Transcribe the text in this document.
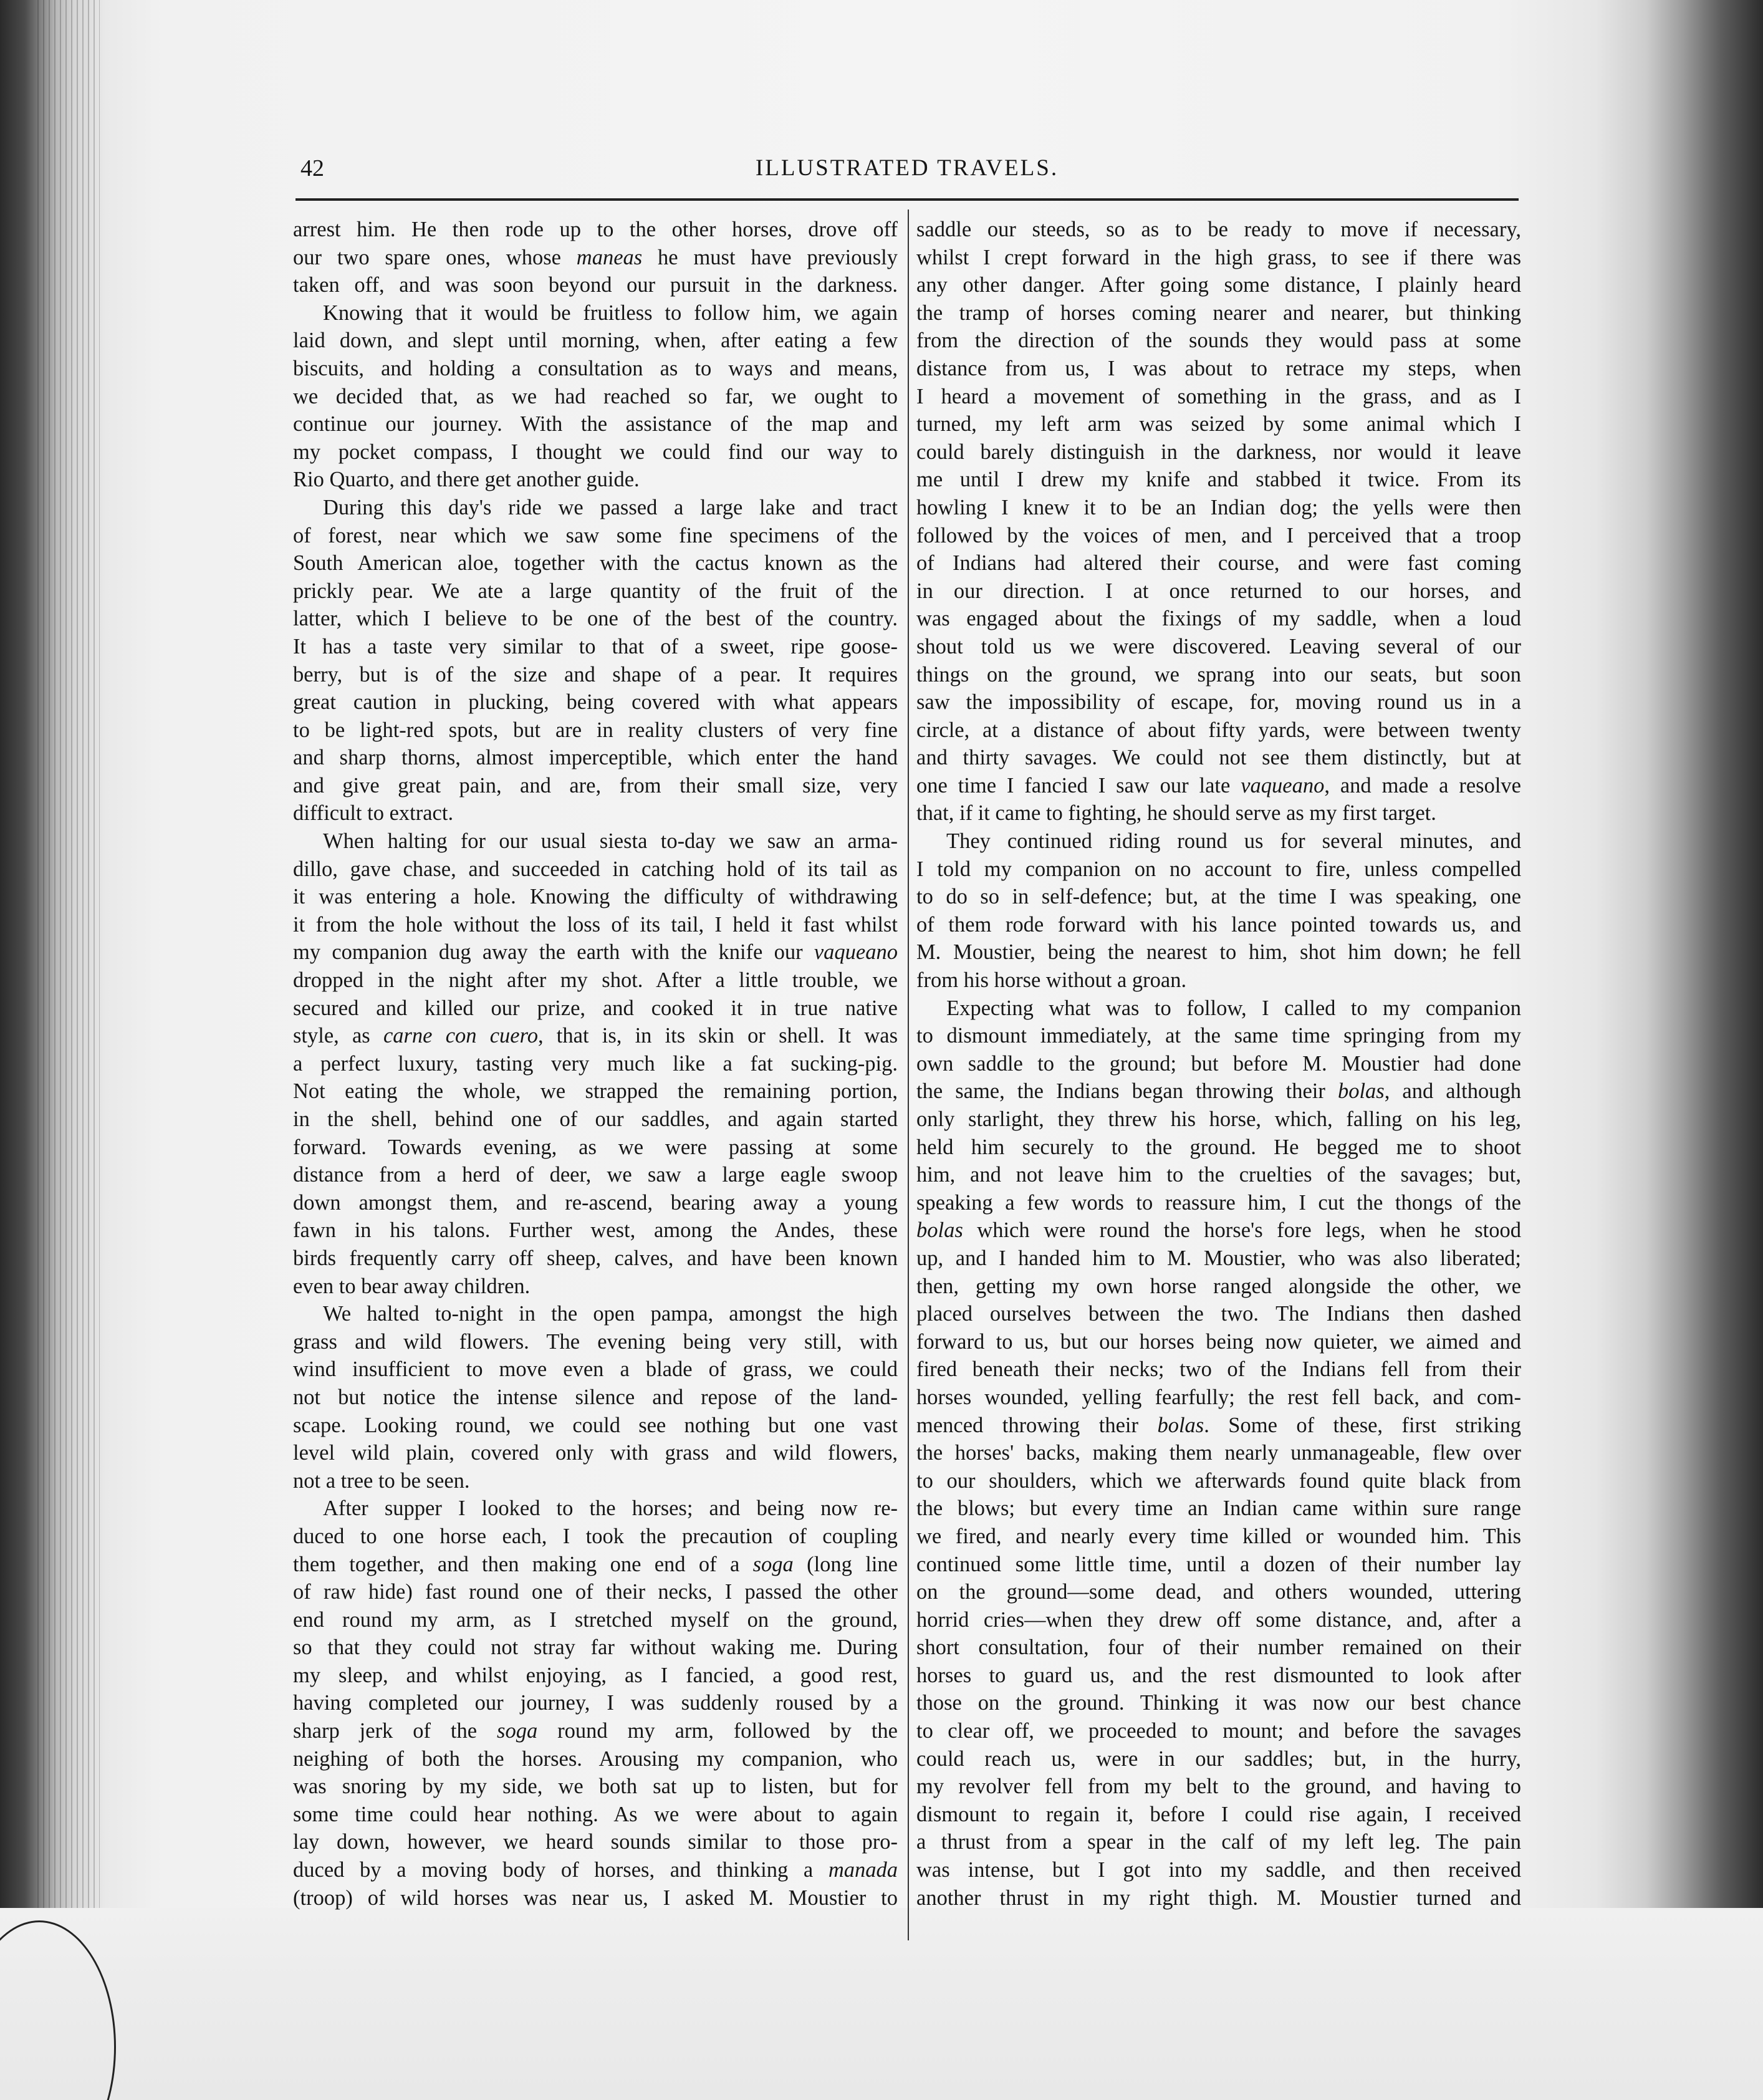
42	ILLUSTRATED TRAVELS.
arrest him. He then rode up to the other horses, drove off
our two spare ones, whose maneas he must have previously
taken off, and was soon beyond our pursuit in the darkness.
Knowing that it would be fruitless to follow him, we again
laid down, and slept until morning, when, after eating a few
biscuits, and holding a consultation as to ways and means,
we decided that, as we had reached so far, we ought to
continue our journey. With the assistance of the map and
my pocket compass, I thought we could find our way to
Rio Quarto, and there get another guide.
During this day's ride we passed a large lake and tract
of forest, near which we saw some fine specimens of the
South American aloe, together with the cactus known as the
prickly pear. We ate a large quantity of the fruit of the
latter, which I believe to be one of the best of the country.
It has a taste very similar to that of a sweet, ripe goose-
berry, but is of the size and shape of a pear. It requires
great caution in plucking, being covered with what appears
to be light-red spots, but are in reality clusters of very fine
and sharp thorns, almost imperceptible, which enter the hand
and give great pain, and are, from their small size, very
difficult to extract.
When halting for our usual siesta to-day we saw an arma-
dillo, gave chase, and succeeded in catching hold of its tail as
it was entering a hole. Knowing the difficulty of withdrawing
it from the hole without the loss of its tail, I held it fast whilst
my companion dug away the earth with the knife our vaqueano
dropped in the night after my shot. After a little trouble, we
secured and killed our prize, and cooked it in true native
style, as carne con cuero, that is, in its skin or shell. It was
a perfect luxury, tasting very much like a fat sucking-pig.
Not eating the whole, we strapped the remaining portion,
in the shell, behind one of our saddles, and again started
forward. Towards evening, as we were passing at some
distance from a herd of deer, we saw a large eagle swoop
down amongst them, and re-ascend, bearing away a young
fawn in his talons. Further west, among the Andes, these
birds frequently carry off sheep, calves, and have been known
even to bear away children.
We halted to-night in the open pampa, amongst the high
grass and wild flowers. The evening being very still, with
wind insufficient to move even a blade of grass, we could
not but notice the intense silence and repose of the land-
scape. Looking round, we could see nothing but one vast
level wild plain, covered only with grass and wild flowers,
not a tree to be seen.
After supper I looked to the horses; and being now re-
duced to one horse each, I took the precaution of coupling
them together, and then making one end of a soga (long line
of raw hide) fast round one of their necks, I passed the other
end round my arm, as I stretched myself on the ground,
so that they could not stray far without waking me. During
my sleep, and whilst enjoying, as I fancied, a good rest,
having completed our journey, I was suddenly roused by a
sharp jerk of the soga round my arm, followed by the
neighing of both the horses. Arousing my companion, who
was snoring by my side, we both sat up to listen, but for
some time could hear nothing. As we were about to again
lay down, however, we heard sounds similar to those pro-
duced by a moving body of horses, and thinking a manada
(troop) of wild horses was near us, I asked M. Moustier to
saddle our steeds, so as to be ready to move if necessary,
whilst I crept forward in the high grass, to see if there was
any other danger. After going some distance, I plainly heard
the tramp of horses coming nearer and nearer, but thinking
from the direction of the sounds they would pass at some
distance from us, I was about to retrace my steps, when
I heard a movement of something in the grass, and as I
turned, my left arm was seized by some animal which I
could barely distinguish in the darkness, nor would it leave
me until I drew my knife and stabbed it twice. From its
howling I knew it to be an Indian dog; the yells were then
followed by the voices of men, and I perceived that a troop
of Indians had altered their course, and were fast coming
in our direction. I at once returned to our horses, and
was engaged about the fixings of my saddle, when a loud
shout told us we were discovered. Leaving several of our
things on the ground, we sprang into our seats, but soon
saw the impossibility of escape, for, moving round us in a
circle, at a distance of about fifty yards, were between twenty
and thirty savages. We could not see them distinctly, but at
one time I fancied I saw our late vaqueano, and made a resolve
that, if it came to fighting, he should serve as my first target.
They continued riding round us for several minutes, and
I told my companion on no account to fire, unless compelled
to do so in self-defence; but, at the time I was speaking, one
of them rode forward with his lance pointed towards us, and
M. Moustier, being the nearest to him, shot him down; he fell
from his horse without a groan.
Expecting what was to follow, I called to my companion
to dismount immediately, at the same time springing from my
own saddle to the ground; but before M. Moustier had done
the same, the Indians began throwing their bolas, and although
only starlight, they threw his horse, which, falling on his leg,
held him securely to the ground. He begged me to shoot
him, and not leave him to the cruelties of the savages; but,
speaking a few words to reassure him, I cut the thongs of the
bolas which were round the horse's fore legs, when he stood
up, and I handed him to M. Moustier, who was also liberated;
then, getting my own horse ranged alongside the other, we
placed ourselves between the two. The Indians then dashed
forward to us, but our horses being now quieter, we aimed and
fired beneath their necks; two of the Indians fell from their
horses wounded, yelling fearfully; the rest fell back, and com-
menced throwing their bolas. Some of these, first striking
the horses' backs, making them nearly unmanageable, flew over
to our shoulders, which we afterwards found quite black from
the blows; but every time an Indian came within sure range
we fired, and nearly every time killed or wounded him. This
continued some little time, until a dozen of their number lay
on the ground—some dead, and others wounded, uttering
horrid cries—when they drew off some distance, and, after a
short consultation, four of their number remained on their
horses to guard us, and the rest dismounted to look after
those on the ground. Thinking it was now our best chance
to clear off, we proceeded to mount; and before the savages
could reach us, were in our saddles; but, in the hurry,
my revolver fell from my belt to the ground, and having to
dismount to regain it, before I could rise again, I received
a thrust from a spear in the calf of my left leg. The pain
was intense, but I got into my saddle, and then received
another thrust in my right thigh. M. Moustier turned and
